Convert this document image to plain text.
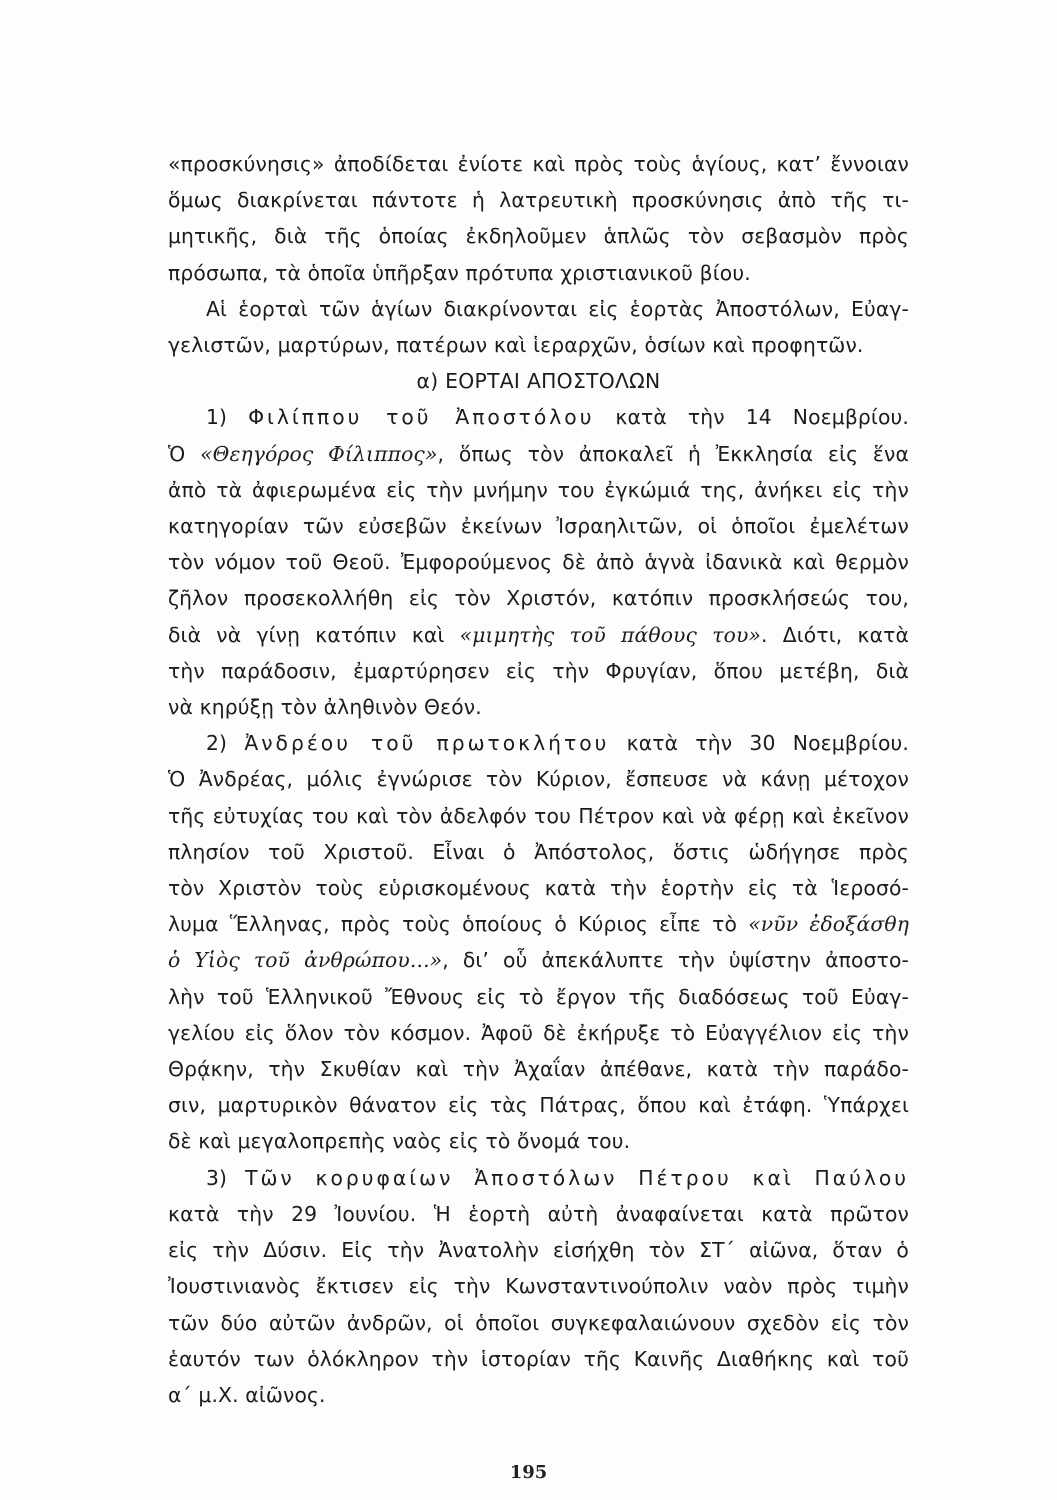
«προσκύνησις» ἀποδίδεται ἐνίοτε καὶ πρὸς τοὺς ἁγίους, κατ’ ἔννοιαν
ὅμως διακρίνεται πάντοτε ἡ λατρευτικὴ προσκύνησις ἀπὸ τῆς τι-
μητικῆς, διὰ τῆς ὁποίας ἐκδηλοῦμεν ἁπλῶς τὸν σεβασμὸν πρὸς
πρόσωπα, τὰ ὁποῖα ὑπῆρξαν πρότυπα χριστιανικοῦ βίου.
Αἱ ἑορταὶ τῶν ἁγίων διακρίνονται εἰς ἑορτὰς Ἀποστόλων, Εὐαγ-
γελιστῶν, μαρτύρων, πατέρων καὶ ἱεραρχῶν, ὁσίων καὶ προφητῶν.
α) ΕΟΡΤΑΙ ΑΠΟΣΤΟΛΩΝ
1) Φιλίππου τοῦ Ἀποστόλου κατὰ τὴν 14 Νοεμβρίου.
Ὁ «Θεηγόρος Φίλιππος», ὅπως τὸν ἀποκαλεῖ ἡ Ἐκκλησία εἰς ἕνα
ἀπὸ τὰ ἀφιερωμένα εἰς τὴν μνήμην του ἐγκώμιά της, ἀνήκει εἰς τὴν
κατηγορίαν τῶν εὐσεβῶν ἐκείνων Ἰσραηλιτῶν, οἱ ὁποῖοι ἐμελέτων
τὸν νόμον τοῦ Θεοῦ. Ἐμφορούμενος δὲ ἀπὸ ἁγνὰ ἰδανικὰ καὶ θερμὸν
ζῆλον προσεκολλήθη εἰς τὸν Χριστόν, κατόπιν προσκλήσεώς του,
διὰ νὰ γίνῃ κατόπιν καὶ «μιμητὴς τοῦ πάθους του». Διότι, κατὰ
τὴν παράδοσιν, ἐμαρτύρησεν εἰς τὴν Φρυγίαν, ὅπου μετέβη, διὰ
νὰ κηρύξῃ τὸν ἀληθινὸν Θεόν.
2) Ἀνδρέου τοῦ πρωτοκλήτου κατὰ τὴν 30 Νοεμβρίου.
Ὁ Ἀνδρέας, μόλις ἐγνώρισε τὸν Κύριον, ἔσπευσε νὰ κάνῃ μέτοχον
τῆς εὐτυχίας του καὶ τὸν ἀδελφόν του Πέτρον καὶ νὰ φέρῃ καὶ ἐκεῖνον
πλησίον τοῦ Χριστοῦ. Εἶναι ὁ Ἀπόστολος, ὅστις ὡδήγησε πρὸς
τὸν Χριστὸν τοὺς εὑρισκομένους κατὰ τὴν ἑορτὴν εἰς τὰ Ἱεροσό-
λυμα Ἕλληνας, πρὸς τοὺς ὁποίους ὁ Κύριος εἶπε τὸ «νῦν ἐδοξάσθη
ὁ Υἱὸς τοῦ ἀνθρώπου...», δι’ οὗ ἀπεκάλυπτε τὴν ὑψίστην ἀποστο-
λὴν τοῦ Ἑλληνικοῦ Ἔθνους εἰς τὸ ἔργον τῆς διαδόσεως τοῦ Εὐαγ-
γελίου εἰς ὅλον τὸν κόσμον. Ἀφοῦ δὲ ἐκήρυξε τὸ Εὐαγγέλιον εἰς τὴν
Θρᾴκην, τὴν Σκυθίαν καὶ τὴν Ἀχαΐαν ἀπέθανε, κατὰ τὴν παράδο-
σιν, μαρτυρικὸν θάνατον εἰς τὰς Πάτρας, ὅπου καὶ ἐτάφη. Ὑπάρχει
δὲ καὶ μεγαλοπρεπὴς ναὸς εἰς τὸ ὄνομά του.
3) Τῶν κορυφαίων Ἀποστόλων Πέτρου καὶ Παύλου
κατὰ τὴν 29 Ἰουνίου. Ἡ ἑορτὴ αὐτὴ ἀναφαίνεται κατὰ πρῶτον
εἰς τὴν Δύσιν. Εἰς τὴν Ἀνατολὴν εἰσήχθη τὸν ΣΤ΄ αἰῶνα, ὅταν ὁ
Ἰουστινιανὸς ἔκτισεν εἰς τὴν Κωνσταντινούπολιν ναὸν πρὸς τιμὴν
τῶν δύο αὐτῶν ἀνδρῶν, οἱ ὁποῖοι συγκεφαλαιώνουν σχεδὸν εἰς τὸν
ἑαυτόν των ὁλόκληρον τὴν ἱστορίαν τῆς Καινῆς Διαθήκης καὶ τοῦ
α΄ μ.Χ. αἰῶνος.
195
